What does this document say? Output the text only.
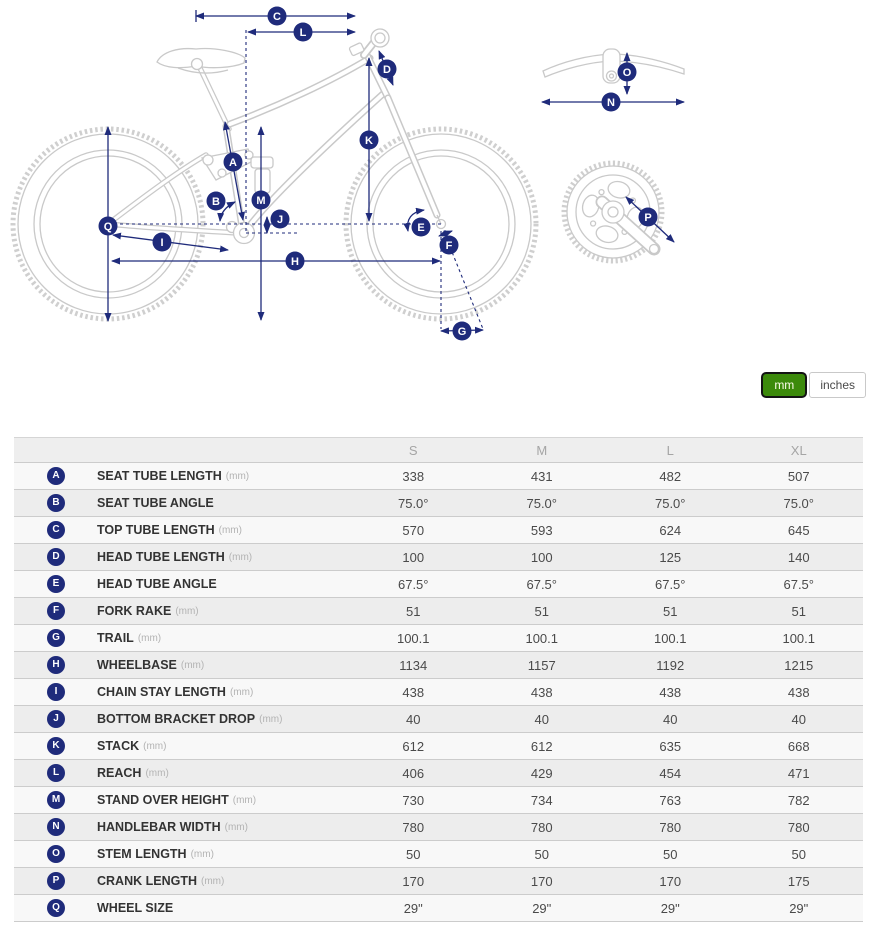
A
B
C
D
E
F
G
H
I
J
K
L
M
N
O
P
Q
mm	inches
	S	M	L	XL
A SEAT TUBE LENGTH (mm)	338	431	482	507
B SEAT TUBE ANGLE	75.0°	75.0°	75.0°	75.0°
C TOP TUBE LENGTH (mm)	570	593	624	645
D HEAD TUBE LENGTH (mm)	100	100	125	140
E HEAD TUBE ANGLE	67.5°	67.5°	67.5°	67.5°
F FORK RAKE (mm)	51	51	51	51
G TRAIL (mm)	100.1	100.1	100.1	100.1
H WHEELBASE (mm)	1134	1157	1192	1215
I CHAIN STAY LENGTH (mm)	438	438	438	438
J BOTTOM BRACKET DROP (mm)	40	40	40	40
K STACK (mm)	612	612	635	668
L REACH (mm)	406	429	454	471
M STAND OVER HEIGHT (mm)	730	734	763	782
N HANDLEBAR WIDTH (mm)	780	780	780	780
O STEM LENGTH (mm)	50	50	50	50
P CRANK LENGTH (mm)	170	170	170	175
Q WHEEL SIZE	29"	29"	29"	29"
